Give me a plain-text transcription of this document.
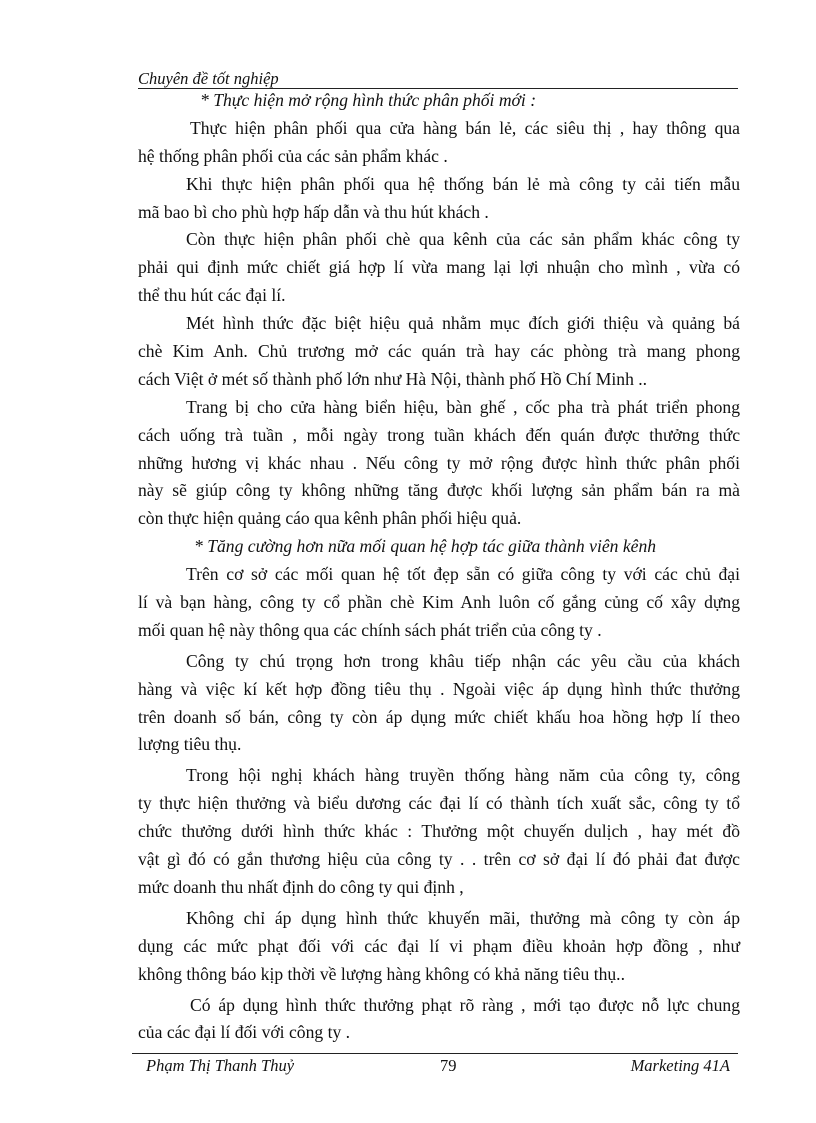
Chuyên đề tốt nghiệp
* Thực hiện mở rộng hình thức phân phối mới :
Thực hiện phân phối qua cửa hàng bán lẻ, các siêu thị , hay thông qua
hệ thống phân phối của các sản phẩm khác .
Khi thực hiện phân phối qua hệ thống bán lẻ mà công ty cải tiến mẫu
mã bao bì cho phù hợp hấp dẫn và thu hút khách .
Còn thực hiện phân phối chè qua kênh của các sản phẩm khác công ty
phải qui định mức chiết giá hợp lí vừa mang lại lợi nhuận cho mình , vừa có
thể thu hút các đại lí.
Mét hình thức đặc biệt hiệu quả nhằm mục đích giới thiệu và quảng bá
chè Kim Anh. Chủ trương mở các quán trà hay các phòng trà mang phong
cách Việt ở mét số thành phố lớn như Hà Nội, thành phố Hồ Chí Minh ..
Trang bị cho cửa hàng biển hiệu, bàn ghế , cốc pha trà phát triển phong
cách uống trà tuần , mỗi ngày trong tuần khách đến quán được thưởng thức
những hương vị khác nhau . Nếu công ty mở rộng được hình thức phân phối
này sẽ giúp công ty không những tăng được khối lượng sản phẩm bán ra mà
còn thực hiện quảng cáo qua kênh phân phối hiệu quả.
* Tăng cường hơn nữa mối quan hệ hợp tác giữa thành viên kênh
Trên cơ sở các mối quan hệ tốt đẹp sẵn có giữa công ty với các chủ đại
lí và bạn hàng, công ty cổ phần chè Kim Anh luôn cố gắng củng cố xây dựng
mối quan hệ này thông qua các chính sách phát triển của công ty .
Công ty chú trọng hơn trong khâu tiếp nhận các yêu cầu của khách
hàng và việc kí kết hợp đồng tiêu thụ . Ngoài việc áp dụng hình thức thưởng
trên doanh số bán, công ty còn áp dụng mức chiết khấu hoa hồng hợp lí theo
lượng tiêu thụ.
Trong hội nghị khách hàng truyền thống hàng năm của công ty, công
ty thực hiện thưởng và biểu dương các đại lí có thành tích xuất sắc, công ty tổ
chức thưởng dưới hình thức khác : Thưởng một chuyến dulịch , hay mét đồ
vật gì đó có gắn thương hiệu của công ty . . trên cơ sở đại lí đó phải đat được
mức doanh thu nhất định do công ty qui định ,
Không chỉ áp dụng hình thức khuyến mãi, thưởng mà công ty còn áp
dụng các mức phạt đối với các đại lí vi phạm điều khoản hợp đồng , như
không thông báo kịp thời về lượng hàng không có khả năng tiêu thụ..
Có áp dụng hình thức thưởng phạt rõ ràng , mới tạo được nỗ lực chung
của các đại lí đối với công ty .
Phạm Thị Thanh Thuỷ	79	Marketing 41A
